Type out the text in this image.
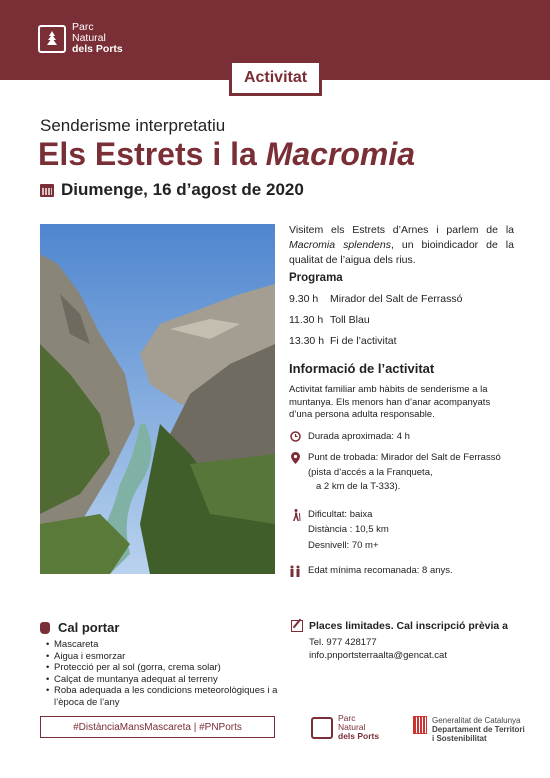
Parc
Natural
dels Ports
Activitat
Senderisme interpretatiu
Els Estrets i la Macromia
Diumenge, 16 d’agost de 2020

Visitem els Estrets d’Arnes i parlem de la Macromia splendens, un bioindicador de la qualitat de l’aigua dels rius.

Programa
9.30 h	Mirador del Salt de Ferrassó
11.30 h Toll Blau
13.30 h Fi de l’activitat
Informació de l’activitat

Activitat familiar amb hàbits de senderisme a la muntanya. Els menors han d’anar acompanyats d’una persona adulta responsable.

Durada aproximada: 4 h
Punt de trobada: Mirador del Salt de Ferrassó
(pista d’accés a la Franqueta,
a 2 km de la T-333).
Dificultat: baixa
Distància : 10,5 km
Desnivell: 70 m+
Edat mínima recomanada: 8 anys.
Cal portar
• Mascareta
• Aigua i esmorzar
• Protecció per al sol (gorra, crema solar)
• Calçat de muntanya adequat al terreny
• Roba adequada a les condicions meteorològiques i a l’època de l’any
Places limitades. Cal inscripció prèvia a
Tel. 977 428177
info.pnportsterraalta@gencat.cat
#DistànciaMansMascareta | #PNPorts
Parc
Natural
dels Ports
Generalitat de Catalunya
Departament de Territori
i Sostenibilitat
